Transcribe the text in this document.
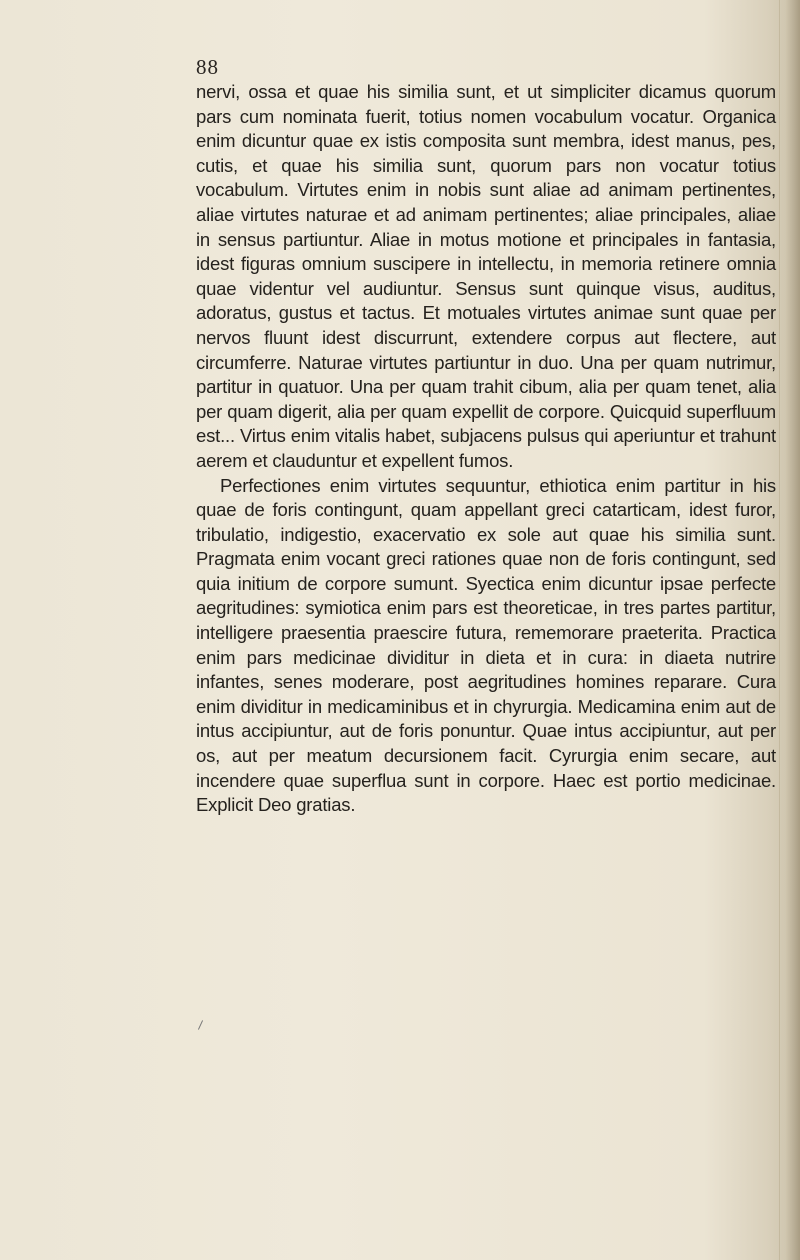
88

nervi, ossa et quae his similia sunt, et ut simpliciter dicamus quorum pars cum nominata fuerit, totius nomen vocabulum vocatur. Organica enim dicuntur quae ex istis composita sunt membra, idest manus, pes, cutis, et quae his similia sunt, quorum pars non vocatur totius vocabulum. Virtutes enim in nobis sunt aliae ad animam pertinentes, aliae virtutes naturae et ad animam pertinentes; aliae principales, aliae in sensus partiuntur. Aliae in motus motione et principales in fantasia, idest figuras omnium suscipere in intellectu, in memoria retinere omnia quae videntur vel audiuntur. Sensus sunt quinque visus, auditus, adoratus, gustus et tactus. Et motuales virtutes animae sunt quae per nervos fluunt idest discurrunt, extendere corpus aut flectere, aut circumferre. Naturae virtutes partiuntur in duo. Una per quam nutrimur, partitur in quatuor. Una per quam trahit cibum, alia per quam tenet, alia per quam digerit, alia per quam expellit de corpore. Quicquid superfluum est... Virtus enim vitalis habet, subjacens pulsus qui aperiuntur et trahunt aerem et clauduntur et expellent fumos.

Perfectiones enim virtutes sequuntur, ethiotica enim partitur in his quae de foris contingunt, quam appellant greci catarticam, idest furor, tribulatio, indigestio, exacervatio ex sole aut quae his similia sunt. Pragmata enim vocant greci rationes quae non de foris contingunt, sed quia initium de corpore sumunt. Syectica enim dicuntur ipsae perfecte aegritudines: symiotica enim pars est theoreticae, in tres partes partitur, intelligere praesentia praescire futura, rememorare praeterita. Practica enim pars medicinae dividitur in dieta et in cura: in diaeta nutrire infantes, senes moderare, post aegritudines homines reparare. Cura enim dividitur in medicaminibus et in chyrurgia. Medicamina enim aut de intus accipiuntur, aut de foris ponuntur. Quae intus accipiuntur, aut per os, aut per meatum decursionem facit. Cyrurgia enim secare, aut incendere quae superflua sunt in corpore. Haec est portio medicinae. Explicit Deo gratias.
